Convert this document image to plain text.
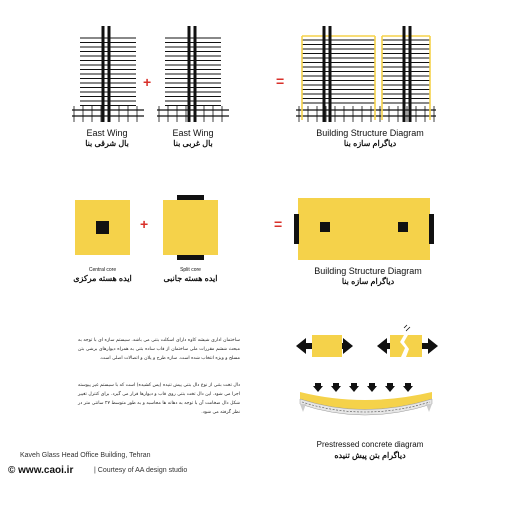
+	=
+	=
East Wing
بال شرقی بنا
East Wing
بال غربی بنا
Building Structure Diagram
دیاگرام سازه بنا
Central core
ایده هسته مرکزی
Split core
ایده هسته جانبی
Building Structure Diagram
دیاگرام سازه بنا
ساختمان اداری شیشه کاوه دارای اسکلت بتنی می باشد. سیستم سازه ای با توجه به مبحث ششم مقررات ملی ساختمان از قاب ساده بتنی به همراه دیوارهای برشی بتن مسلح و ویژه انتخاب شده است. سازه طرح و پلان و اتصالات اصلی است.
دال تخت بتنی از نوع دال بتنی پیش تنیده (پس کشیده) است که با سیستم غیر پیوسته اجرا می شود. این دال تخت بتنی روی قاب و دیوارها قرار می گیرد. برای کنترل تغییر شکل دال ضخامت آن با توجه به دهانه ها محاسبه و به طور متوسط ۲۷ سانتی متر در نظر گرفته می شود.
Prestressed concrete diagram
دیاگرام بتن پیش تنیده
Kaveh Glass Head Office Building, Tehran
© www.caoi.ir	| Courtesy of AA design studio
